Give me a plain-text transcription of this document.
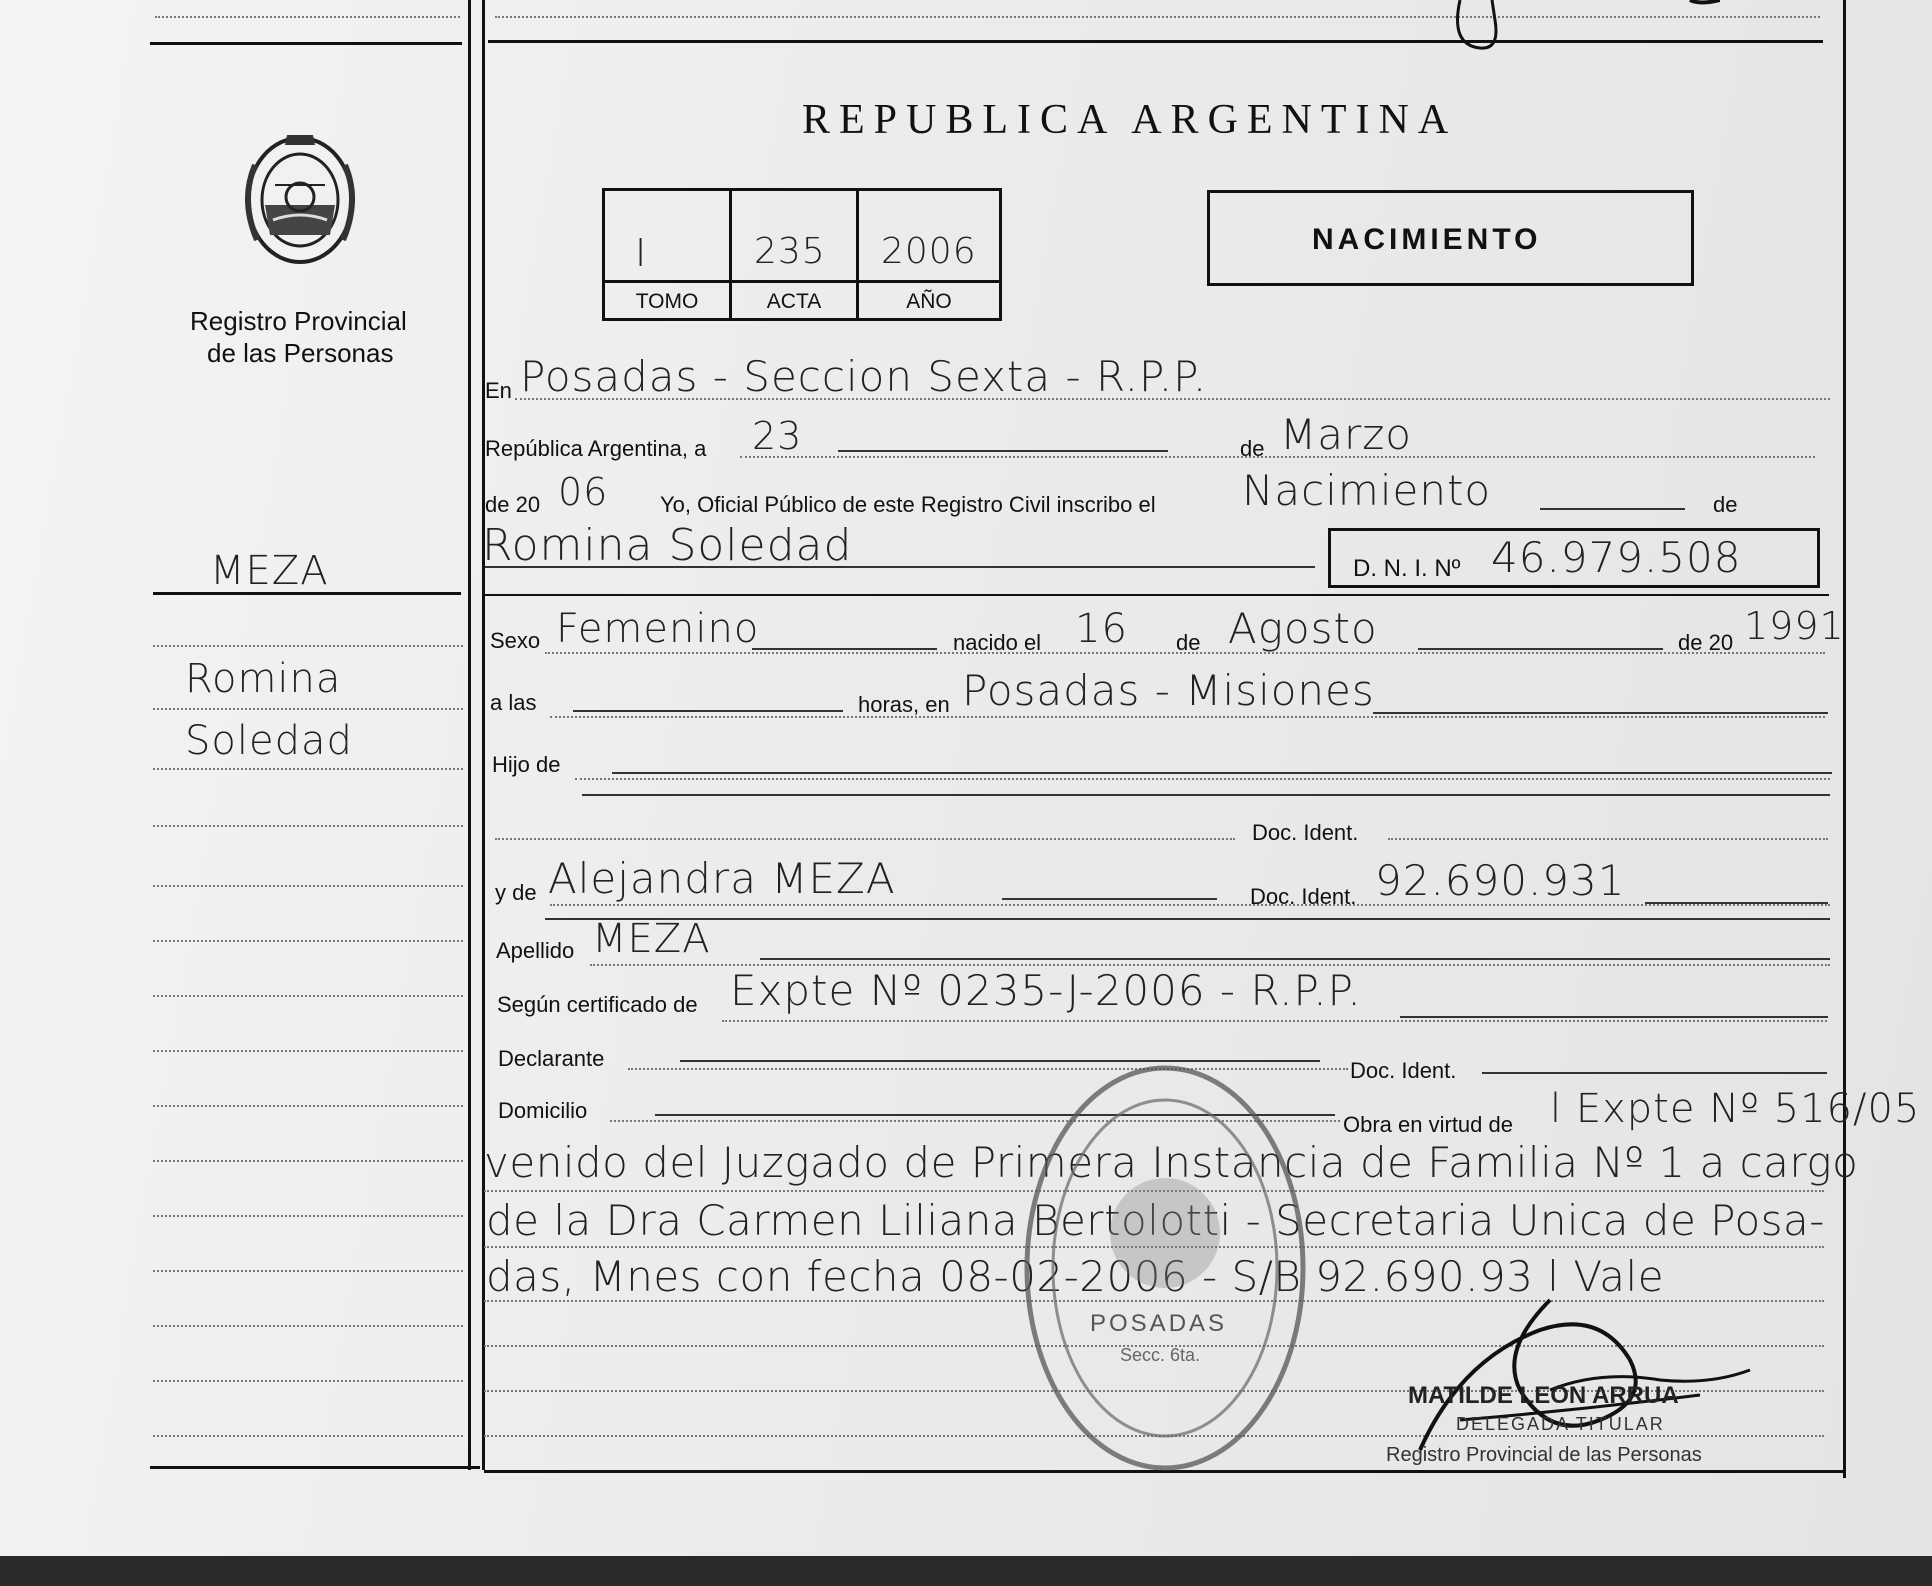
Registro Provincial
de las Personas
MEZA
Romina
Soledad
REPUBLICA ARGENTINA
I	235 2006
TOMO	ACTA	AÑO
NACIMIENTO
En Posadas - Seccion Sexta - R.P.P.
República Argentina, a 23	de Marzo
de 20 06 Yo, Oficial Público de este Registro Civil inscribo el Nacimiento	de
Romina Soledad	D. N. I. Nº 46.979.508
Sexo Femenino	nacido el 16 de Agosto	de 20 1991
a las	horas, en Posadas - Misiones
Hijo de
Doc. Ident.
y de Alejandra MEZA	Doc. Ident. 92.690.931
Apellido MEZA
Según certificado de Expte Nº 0235-J-2006 - R.P.P.
Declarante	Doc. Ident.
Domicilio
Obra en virtud de l Expte Nº 516/05
venido del Juzgado de Primera Instancia de Familia Nº 1 a cargo
de la Dra Carmen Liliana Bertolotti - Secretaria Unica de Posa-
das, Mnes con fecha 08-02-2006 - S/B 92.690.93 l Vale
POSADAS
Secc. 6ta.
MATILDE LEON ARRUA
DELEGADA TITULAR
Registro Provincial de las Personas
